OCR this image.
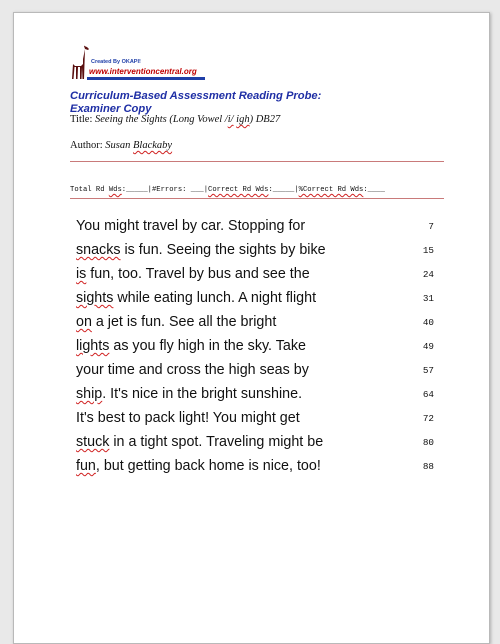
Created By OKAPI!
www.interventioncentral.org
Curriculum-Based Assessment Reading Probe:
Examiner Copy
Title: Seeing the Sights (Long Vowel /i/ igh) DB27
Author: Susan Blackaby
Total Rd Wds:_____|#Errors: ___|Correct Rd Wds:_____|%Correct Rd Wds:____
You might travel by car. Stopping for	7
snacks is fun. Seeing the sights by bike	15
is fun, too. Travel by bus and see the	24
sights while eating lunch. A night flight	31
on a jet is fun. See all the bright	40
lights as you fly high in the sky. Take	49
your time and cross the high seas by	57
ship. It's nice in the bright sunshine.	64
It's best to pack light! You might get	72
stuck in a tight spot. Traveling might be	80
fun, but getting back home is nice, too!	88
